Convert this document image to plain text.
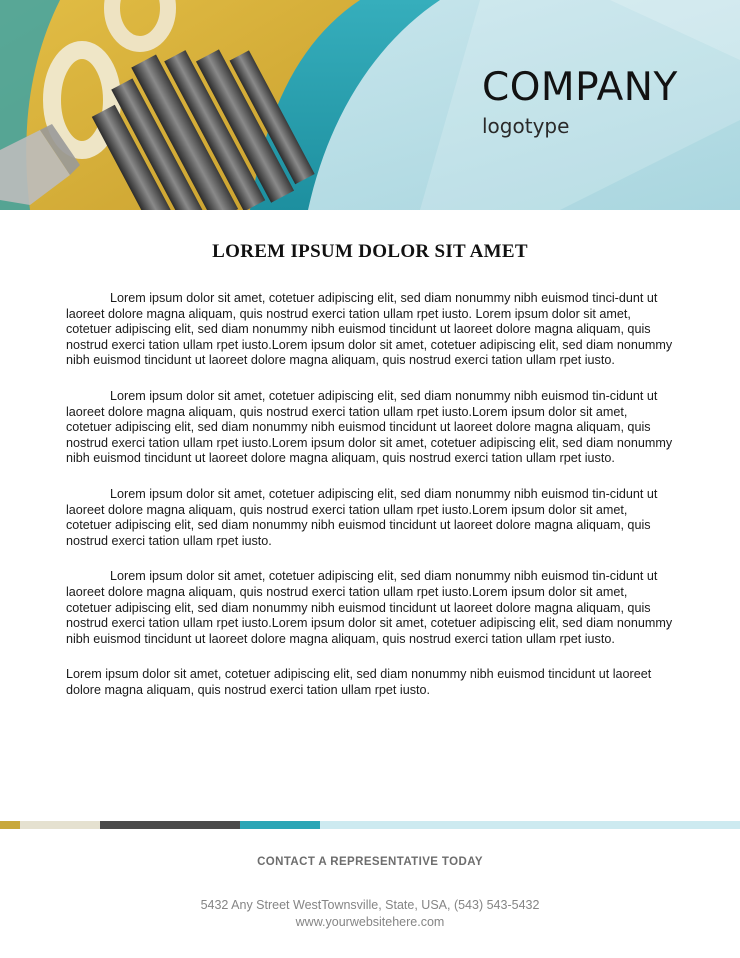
COMPANY
logotype
LOREM IPSUM DOLOR SIT AMET

Lorem ipsum dolor sit amet, cotetuer adipiscing elit, sed diam nonummy nibh euismod tinci-dunt ut laoreet dolore magna aliquam, quis nostrud exerci tation ullam rpet iusto. Lorem ipsum dolor sit amet, cotetuer adipiscing elit, sed diam nonummy nibh euismod tincidunt ut laoreet dolore magna aliquam, quis nostrud exerci tation ullam rpet iusto.Lorem ipsum dolor sit amet, cotetuer adipiscing elit, sed diam nonummy nibh euismod tincidunt ut laoreet dolore magna aliquam, quis nostrud exerci tation ullam rpet iusto.

Lorem ipsum dolor sit amet, cotetuer adipiscing elit, sed diam nonummy nibh euismod tin-cidunt ut laoreet dolore magna aliquam, quis nostrud exerci tation ullam rpet iusto.Lorem ipsum dolor sit amet, cotetuer adipiscing elit, sed diam nonummy nibh euismod tincidunt ut laoreet dolore magna aliquam, quis nostrud exerci tation ullam rpet iusto.Lorem ipsum dolor sit amet, cotetuer adipiscing elit, sed diam nonummy nibh euismod tincidunt ut laoreet dolore magna aliquam, quis nostrud exerci tation ullam rpet iusto.

Lorem ipsum dolor sit amet, cotetuer adipiscing elit, sed diam nonummy nibh euismod tin-cidunt ut laoreet dolore magna aliquam, quis nostrud exerci tation ullam rpet iusto.Lorem ipsum dolor sit amet, cotetuer adipiscing elit, sed diam nonummy nibh euismod tincidunt ut laoreet dolore magna aliquam, quis nostrud exerci tation ullam rpet iusto.

Lorem ipsum dolor sit amet, cotetuer adipiscing elit, sed diam nonummy nibh euismod tin-cidunt ut laoreet dolore magna aliquam, quis nostrud exerci tation ullam rpet iusto.Lorem ipsum dolor sit amet, cotetuer adipiscing elit, sed diam nonummy nibh euismod tincidunt ut laoreet dolore magna aliquam, quis nostrud exerci tation ullam rpet iusto.Lorem ipsum dolor sit amet, cotetuer adipiscing elit, sed diam nonummy nibh euismod tincidunt ut laoreet dolore magna aliquam, quis nostrud exerci tation ullam rpet iusto.

Lorem ipsum dolor sit amet, cotetuer adipiscing elit, sed diam nonummy nibh euismod tincidunt ut laoreet dolore magna aliquam, quis nostrud exerci tation ullam rpet iusto.

CONTACT A REPRESENTATIVE TODAY
5432 Any Street WestTownsville, State, USA, (543) 543-5432
www.yourwebsitehere.com
